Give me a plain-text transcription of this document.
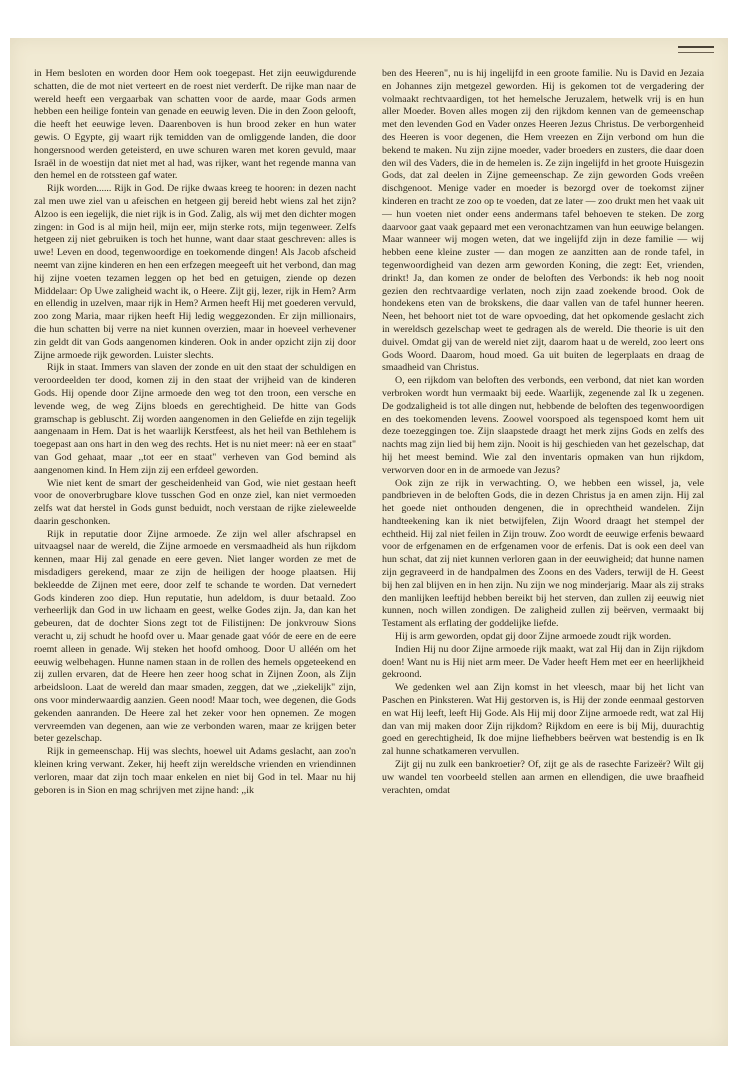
in Hem besloten en worden door Hem ook toegepast. Het zijn eeuwigdurende schatten, die de mot niet verteert en de roest niet verderft. De rijke man naar de wereld heeft een vergaarbak van schatten voor de aarde, maar Gods armen hebben een heilige fontein van genade en eeuwig leven. Die in den Zoon gelooft, die heeft het eeuwige leven. Daarenboven is hun brood zeker en hun water gewis. O Egypte, gij waart rijk temidden van de omliggende landen, die door hongersnood werden geteisterd, en uwe schuren waren met koren gevuld, maar Israël in de woestijn dat niet met al had, was rijker, want het regende manna van den hemel en de rotssteen gaf water.

Rijk worden...... Rijk in God. De rijke dwaas kreeg te hooren: in dezen nacht zal men uwe ziel van u afeischen en hetgeen gij bereid hebt wiens zal het zijn? Alzoo is een iegelijk, die niet rijk is in God. Zalig, als wij met den dichter mogen zingen: in God is al mijn heil, mijn eer, mijn sterke rots, mijn tegenweer. Zelfs hetgeen zij niet gebruiken is toch het hunne, want daar staat geschreven: alles is uwe! Leven en dood, tegenwoordige en toekomende dingen! Als Jacob afscheid neemt van zijne kinderen en hen een erfzegen meegeeft uit het verbond, dan mag hij zijne voeten tezamen leggen op het bed en getuigen, ziende op dezen Middelaar: Op Uwe zaligheid wacht ik, o Heere. Zijt gij, lezer, rijk in Hem? Arm en ellendig in uzelven, maar rijk in Hem? Armen heeft Hij met goederen vervuld, zoo zong Maria, maar rijken heeft Hij ledig weggezonden. Er zijn millionairs, die hun schatten bij verre na niet kunnen overzien, maar in hoeveel verhevener zin geldt dit van Gods aangenomen kinderen. Ook in ander opzicht zijn zij door Zijne armoede rijk geworden. Luister slechts.

Rijk in staat. Immers van slaven der zonde en uit den staat der schuldigen en veroordeelden ter dood, komen zij in den staat der vrijheid van de kinderen Gods. Hij opende door Zijne armoede den weg tot den troon, een versche en levende weg, de weg Zijns bloeds en gerechtigheid. De hitte van Gods gramschap is gebluscht. Zij worden aangenomen in den Geliefde en zijn tegelijk aangenaam in Hem. Dat is het waarlijk Kerstfeest, als het heil van Bethlehem is toegepast aan ons hart in den weg des rechts. Het is nu niet meer: nà eer en staat" van God gehaat, maar ,,tot eer en staat" verheven van God bemind als aangenomen kind. In Hem zijn zij een erfdeel geworden.

Wie niet kent de smart der gescheidenheid van God, wie niet gestaan heeft voor de onoverbrugbare klove tusschen God en onze ziel, kan niet vermoeden zelfs wat dat herstel in Gods gunst beduidt, noch verstaan de rijke zieleweelde daarin geschonken.

Rijk in reputatie door Zijne armoede. Ze zijn wel aller afschrapsel en uitvaagsel naar de wereld, die Zijne armoede en versmaadheid als hun rijkdom kennen, maar Hij zal genade en eere geven. Niet langer worden ze met de misdadigers gerekend, maar ze zijn de heiligen der hooge plaatsen. Hij bekleedde de Zijnen met eere, door zelf te schande te worden. Dat vernedert Gods kinderen zoo diep. Hun reputatie, hun adeldom, is duur betaald. Zoo verheerlijk dan God in uw lichaam en geest, welke Godes zijn. Ja, dan kan het gebeuren, dat de dochter Sions zegt tot de Filistijnen: De jonkvrouw Sions veracht u, zij schudt he hoofd over u. Maar genade gaat vóór de eere en de eere roemt alleen in genade. Wij steken het hoofd omhoog. Door U alléén om het eeuwig welbehagen. Hunne namen staan in de rollen des hemels opgeteekend en zij zullen ervaren, dat de Heere hen zeer hoog schat in Zijnen Zoon, als Zijn arbeidsloon. Laat de wereld dan maar smaden, zeggen, dat we ,,ziekelijk" zijn, ons voor minderwaardig aanzien. Geen nood! Maar toch, wee degenen, die Gods gekenden aanranden. De Heere zal het zeker voor hen opnemen. Ze mogen vervreemden van degenen, aan wie ze verbonden waren, maar ze krijgen beter beter gezelschap.

Rijk in gemeenschap. Hij was slechts, hoewel uit Adams geslacht, aan zoo'n kleinen kring verwant. Zeker, hij heeft zijn wereldsche vrienden en vriendinnen verloren, maar dat zijn toch maar enkelen en niet bij God in tel. Maar nu hij geboren is in Sion en mag schrijven met zijne hand: ,,ik

ben des Heeren", nu is hij ingelijfd in een groote familie. Nu is David en Jezaia en Johannes zijn metgezel geworden. Hij is gekomen tot de vergadering der volmaakt rechtvaardigen, tot het hemelsche Jeruzalem, hetwelk vrij is en hun aller Moeder. Boven alles mogen zij den rijkdom kennen van de gemeenschap met den levenden God en Vader onzes Heeren Jezus Christus. De verborgenheid des Heeren is voor degenen, die Hem vreezen en Zijn verbond om hun die bekend te maken. Nu zijn zijne moeder, vader broeders en zusters, die daar doen den wil des Vaders, die in de hemelen is. Ze zijn ingelijfd in het groote Huisgezin Gods, dat zal deelen in Zijne gemeenschap. Ze zijn geworden Gods vreêen dischgenoot. Menige vader en moeder is bezorgd over de toekomst zijner kinderen en tracht ze zoo op te voeden, dat ze later — zoo drukt men het vaak uit — hun voeten niet onder eens andermans tafel behoeven te steken. De zorg daarvoor gaat vaak gepaard met een veronachtzamen van hun eeuwige belangen. Maar wanneer wij mogen weten, dat we ingelijfd zijn in deze familie — wij hebben eene kleine zuster — dan mogen ze aanzitten aan de ronde tafel, in tegenwoordigheid van dezen arm geworden Koning, die zegt: Eet, vrienden, drinkt! Ja, dan komen ze onder de beloften des Verbonds: ik heb nog nooit gezien den rechtvaardige verlaten, noch zijn zaad zoekende brood. Ook de hondekens eten van de brokskens, die daar vallen van de tafel hunner heeren. Neen, het behoort niet tot de ware opvoeding, dat het opkomende geslacht zich in wereldsch gezelschap weet te gedragen als de wereld. Die theorie is uit den duivel. Omdat gij van de wereld niet zijt, daarom haat u de wereld, zoo leert ons Gods Woord. Daarom, houd moed. Ga uit buiten de legerplaats en draag de smaadheid van Christus.

O, een rijkdom van beloften des verbonds, een verbond, dat niet kan worden verbroken wordt hun vermaakt bij eede. Waarlijk, zegenende zal Ik u zegenen. De godzaligheid is tot alle dingen nut, hebbende de beloften des tegenwoordigen en des toekomenden levens. Zoowel voorspoed als tegenspoed komt hem uit deze toezeggingen toe. Zijn slaapstede draagt het merk zijns Gods en zelfs des nachts mag zijn lied bij hem zijn. Nooit is hij geschieden van het gezelschap, dat hij het meest bemind. Wie zal den inventaris opmaken van hun rijkdom, verworven door en in de armoede van Jezus?

Ook zijn ze rijk in verwachting. O, we hebben een wissel, ja, vele pandbrieven in de beloften Gods, die in dezen Christus ja en amen zijn. Hij zal het goede niet onthouden dengenen, die in oprechtheid wandelen. Zijn handteekening kan ik niet betwijfelen, Zijn Woord draagt het stempel der echtheid. Hij zal niet feilen in Zijn trouw. Zoo wordt de eeuwige erfenis bewaard voor de erfgenamen en de erfgenamen voor de erfenis. Dat is ook een deel van hun schat, dat zij niet kunnen verloren gaan in der eeuwigheid; dat hunne namen zijn gegraveerd in de handpalmen des Zoons en des Vaders, terwijl de H. Geest bij hen zal blijven en in hen zijn. Nu zijn we nog minderjarig. Maar als zij straks den manlijken leeftijd hebben bereikt bij het sterven, dan zullen zij eeuwig niet kunnen, noch willen zondigen. De zaligheid zullen zij beërven, vermaakt bij Testament als erflating der goddelijke liefde.

Hij is arm geworden, opdat gij door Zijne armoede zoudt rijk worden.

Indien Hij nu door Zijne armoede rijk maakt, wat zal Hij dan in Zijn rijkdom doen! Want nu is Hij niet arm meer. De Vader heeft Hem met eer en heerlijkheid gekroond.

We gedenken wel aan Zijn komst in het vleesch, maar bij het licht van Paschen en Pinksteren. Wat Hij gestorven is, is Hij der zonde eenmaal gestorven en wat Hij leeft, leeft Hij Gode. Als Hij mij door Zijne armoede redt, wat zal Hij dan van mij maken door Zijn rijkdom? Rijkdom en eere is bij Mij, duurachtig goed en gerechtigheid, Ik doe mijne liefhebbers beërven wat bestendig is en Ik zal hunne schatkameren vervullen.

Zijt gij nu zulk een bankroetier? Of, zijt ge als de rasechte Farizeër? Wilt gij uw wandel ten voorbeeld stellen aan armen en ellendigen, die uwe braafheid verachten, omdat
